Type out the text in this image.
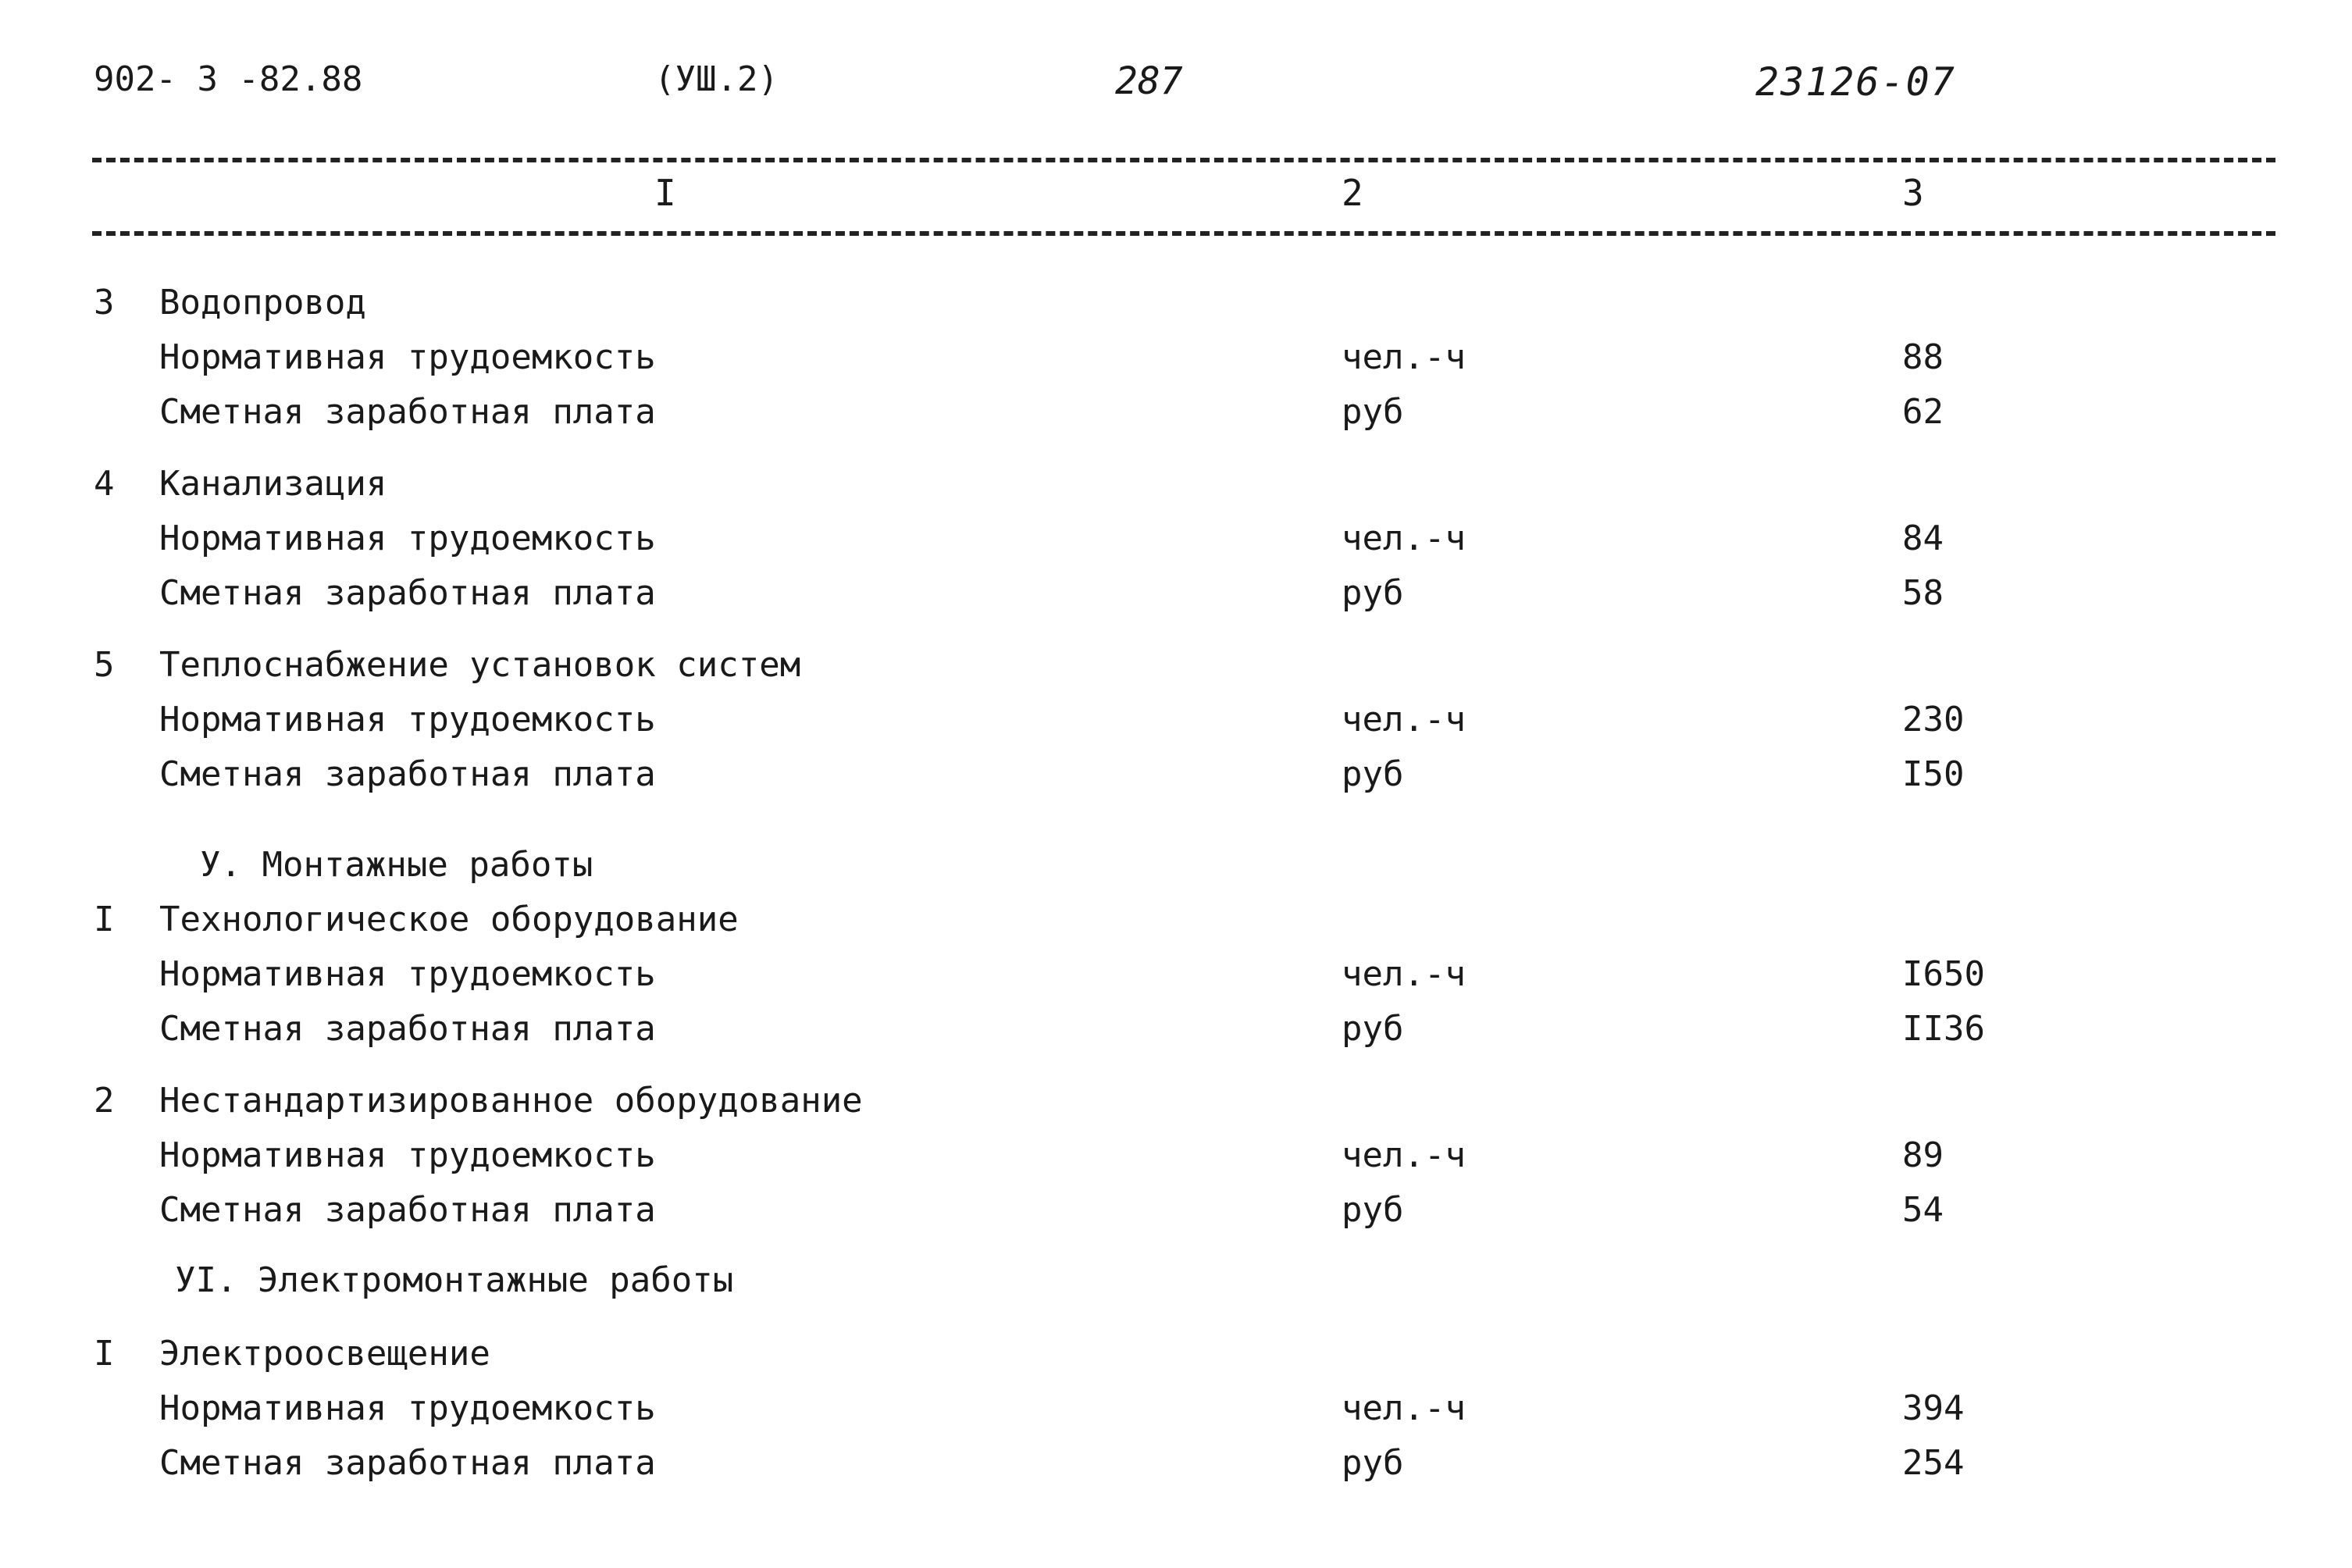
902- 3 -82.88	(УШ.2)	287	23126-07
I	2	3
3 Водопровод
Нормативная трудоемкость	чел.-ч	88
Сметная заработная плата	руб	62
4 Канализация
Нормативная трудоемкость	чел.-ч	84
Сметная заработная плата	руб	58
5 Теплоснабжение установок систем
Нормативная трудоемкость	чел.-ч	230
Сметная заработная плата	руб	I50
У. Монтажные работы
I Технологическое оборудование
Нормативная трудоемкость	чел.-ч	I650
Сметная заработная плата	руб	II36
2 Нестандартизированное оборудование
Нормативная трудоемкость	чел.-ч	89
Сметная заработная плата	руб	54
УI. Электромонтажные работы
I Электроосвещение
Нормативная трудоемкость	чел.-ч	394
Сметная заработная плата	руб	254
